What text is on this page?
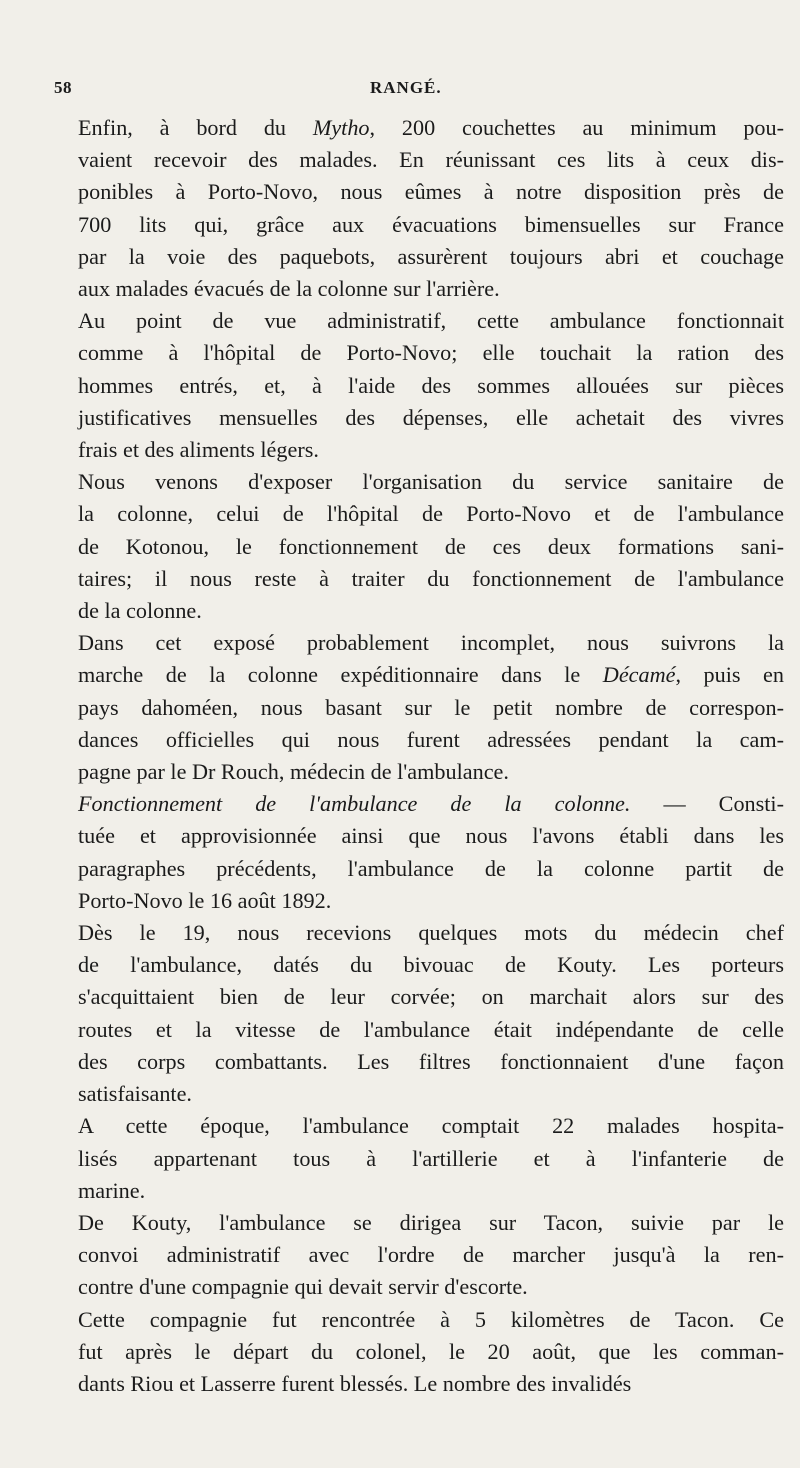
58	RANGÉ.

Enfin, à bord du Mytho, 200 couchettes au minimum pou-
vaient recevoir des malades. En réunissant ces lits à ceux dis-
ponibles à Porto-Novo, nous eûmes à notre disposition près de
700 lits qui, grâce aux évacuations bimensuelles sur France
par la voie des paquebots, assurèrent toujours abri et couchage
aux malades évacués de la colonne sur l'arrière.

Au point de vue administratif, cette ambulance fonctionnait
comme à l'hôpital de Porto-Novo; elle touchait la ration des
hommes entrés, et, à l'aide des sommes allouées sur pièces
justificatives mensuelles des dépenses, elle achetait des vivres
frais et des aliments légers.

Nous venons d'exposer l'organisation du service sanitaire de
la colonne, celui de l'hôpital de Porto-Novo et de l'ambulance
de Kotonou, le fonctionnement de ces deux formations sani-
taires; il nous reste à traiter du fonctionnement de l'ambulance
de la colonne.

Dans cet exposé probablement incomplet, nous suivrons la
marche de la colonne expéditionnaire dans le Décamé, puis en
pays dahoméen, nous basant sur le petit nombre de correspon-
dances officielles qui nous furent adressées pendant la cam-
pagne par le Dr Rouch, médecin de l'ambulance.

Fonctionnement de l'ambulance de la colonne. — Consti-
tuée et approvisionnée ainsi que nous l'avons établi dans les
paragraphes précédents, l'ambulance de la colonne partit de
Porto-Novo le 16 août 1892.

Dès le 19, nous recevions quelques mots du médecin chef
de l'ambulance, datés du bivouac de Kouty. Les porteurs
s'acquittaient bien de leur corvée; on marchait alors sur des
routes et la vitesse de l'ambulance était indépendante de celle
des corps combattants. Les filtres fonctionnaient d'une façon
satisfaisante.

A cette époque, l'ambulance comptait 22 malades hospita-
lisés appartenant tous à l'artillerie et à l'infanterie de
marine.

De Kouty, l'ambulance se dirigea sur Tacon, suivie par le
convoi administratif avec l'ordre de marcher jusqu'à la ren-
contre d'une compagnie qui devait servir d'escorte.

Cette compagnie fut rencontrée à 5 kilomètres de Tacon. Ce
fut après le départ du colonel, le 20 août, que les comman-
dants Riou et Lasserre furent blessés. Le nombre des invalidés
